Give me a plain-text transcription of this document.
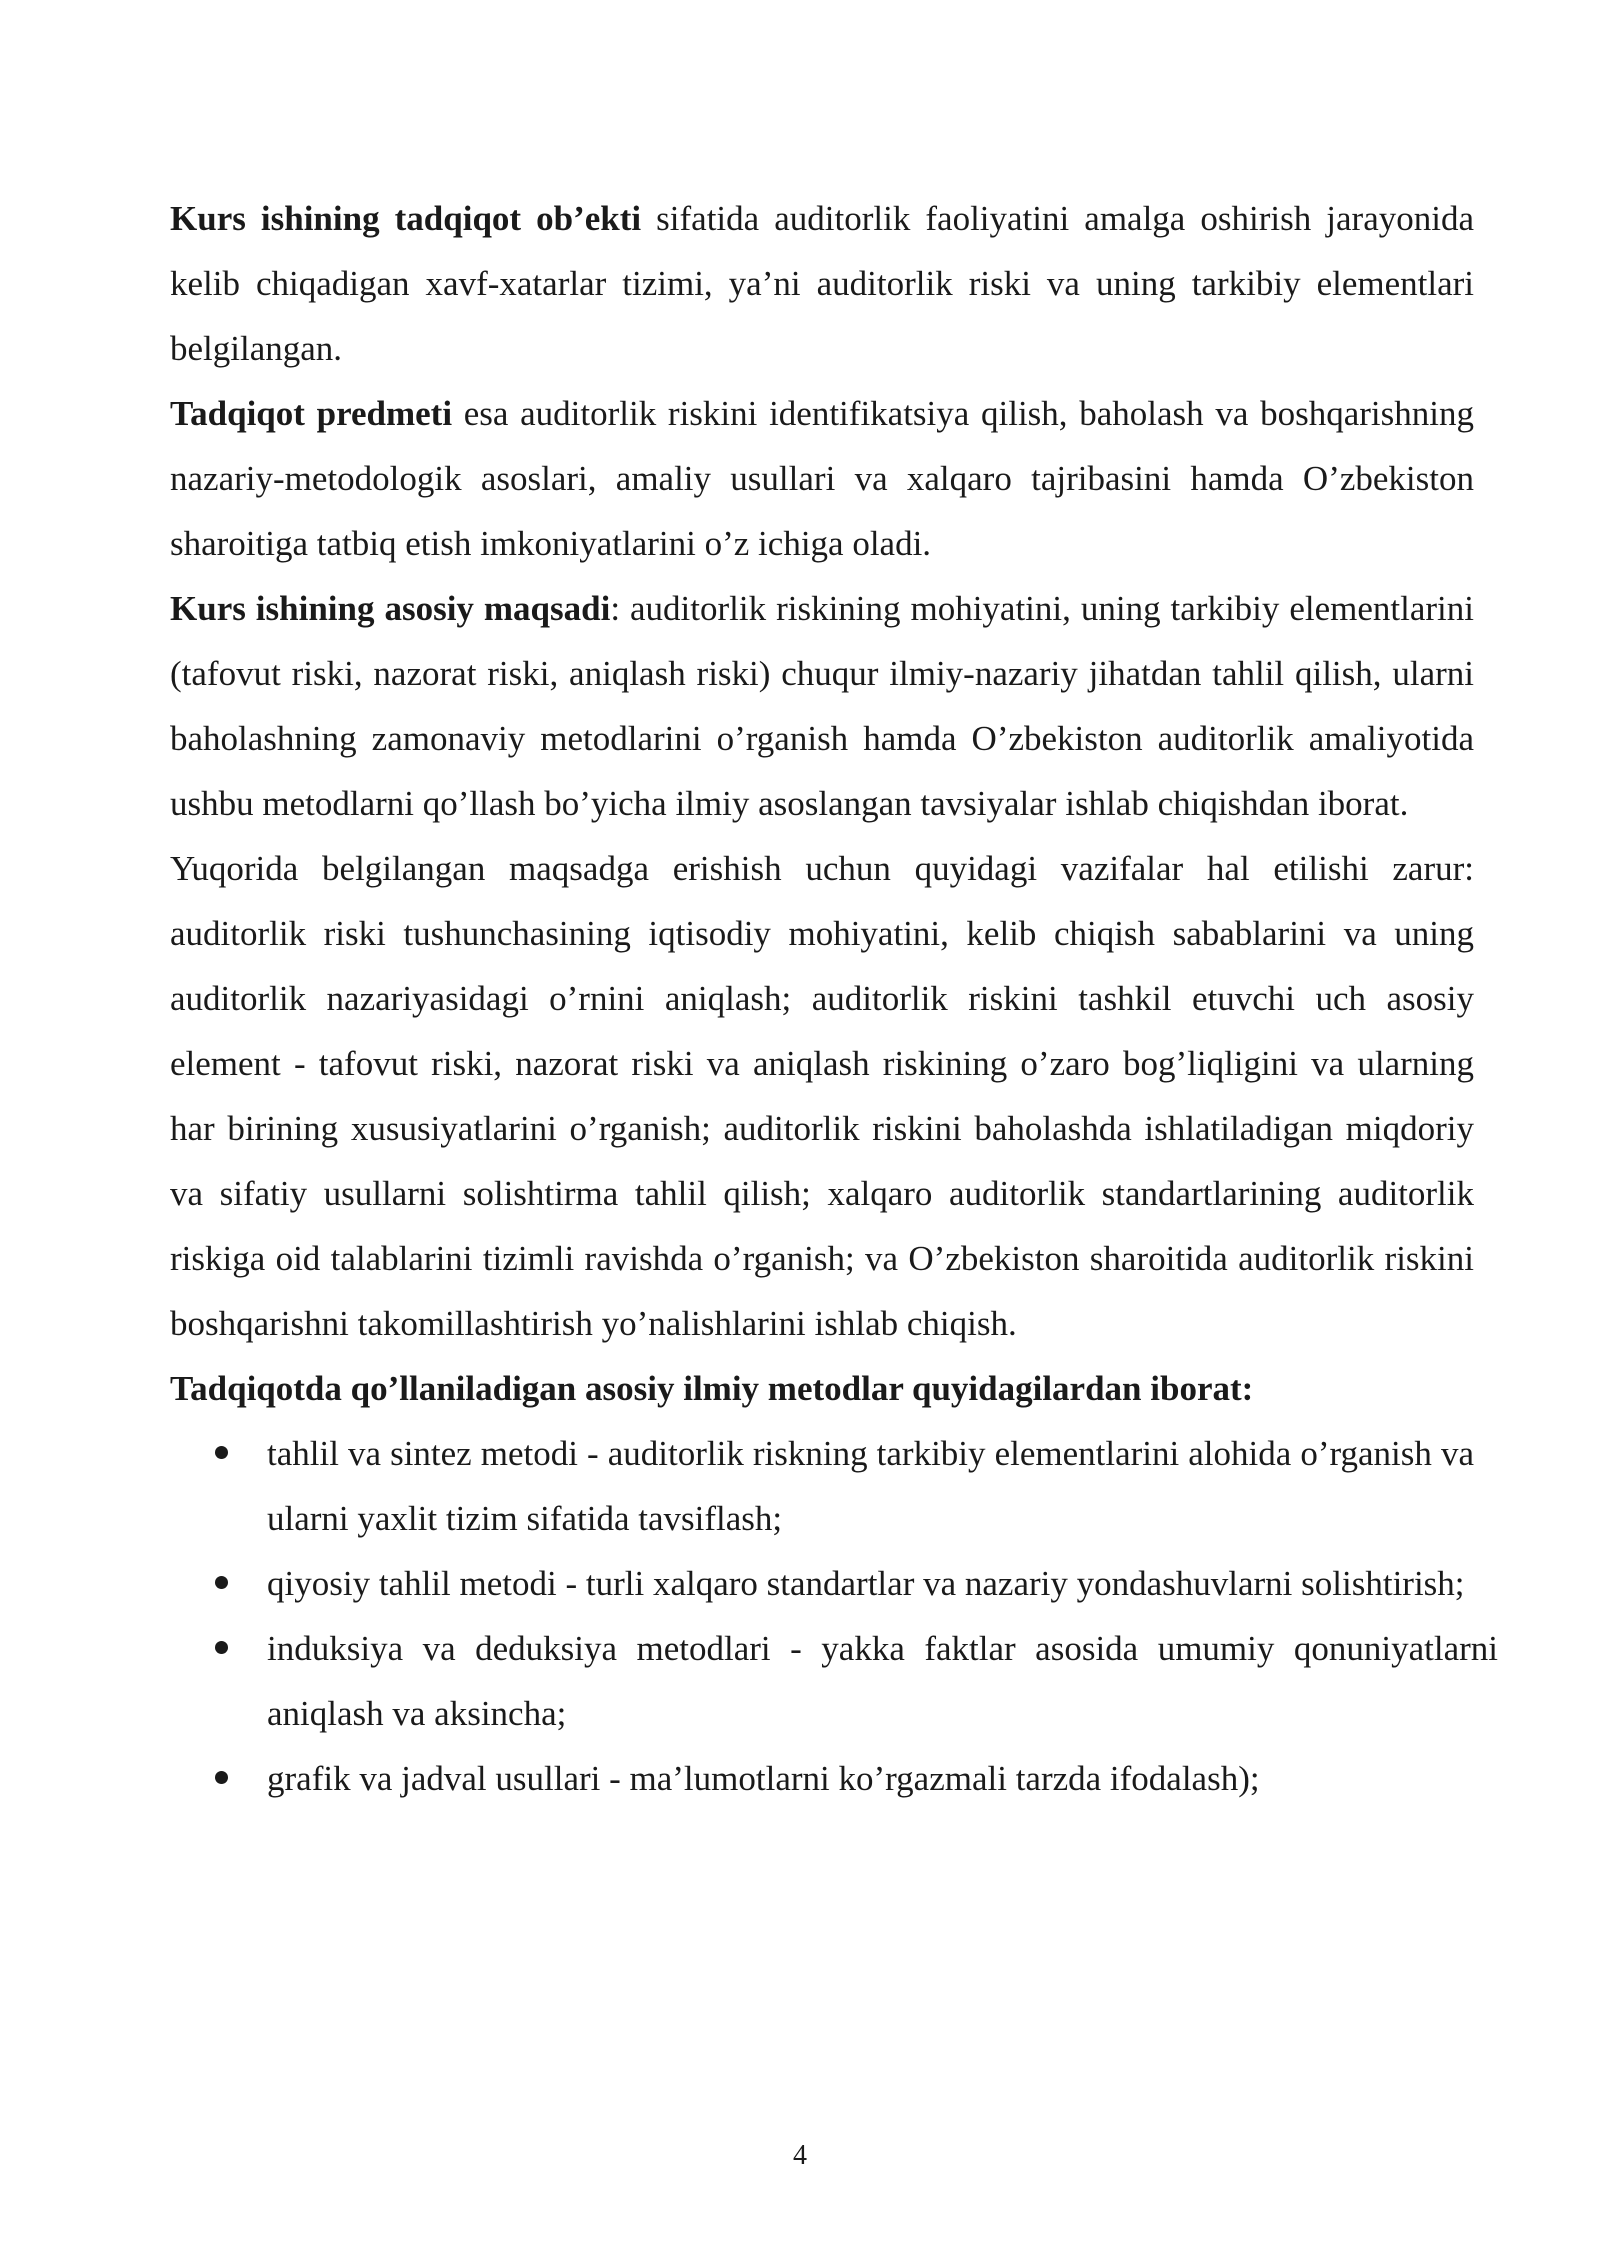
Kurs ishining tadqiqot ob’ekti sifatida auditorlik faoliyatini amalga oshirish jarayonida kelib chiqadigan xavf-xatarlar tizimi, ya’ni auditorlik riski va uning tarkibiy elementlari belgilangan.

Tadqiqot predmeti esa auditorlik riskini identifikatsiya qilish, baholash va boshqarishning nazariy-metodologik asoslari, amaliy usullari va xalqaro tajribasini hamda O’zbekiston sharoitiga tatbiq etish imkoniyatlarini o’z ichiga oladi.

Kurs ishining asosiy maqsadi: auditorlik riskining mohiyatini, uning tarkibiy elementlarini (tafovut riski, nazorat riski, aniqlash riski) chuqur ilmiy-nazariy jihatdan tahlil qilish, ularni baholashning zamonaviy metodlarini o’rganish hamda O’zbekiston auditorlik amaliyotida ushbu metodlarni qo’llash bo’yicha ilmiy asoslangan tavsiyalar ishlab chiqishdan iborat.

Yuqorida belgilangan maqsadga erishish uchun quyidagi vazifalar hal etilishi zarur: auditorlik riski tushunchasining iqtisodiy mohiyatini, kelib chiqish sabablarini va uning auditorlik nazariyasidagi o’rnini aniqlash; auditorlik riskini tashkil etuvchi uch asosiy element - tafovut riski, nazorat riski va aniqlash riskining o’zaro bog’liqligini va ularning har birining xususiyatlarini o’rganish; auditorlik riskini baholashda ishlatiladigan miqdoriy va sifatiy usullarni solishtirma tahlil qilish; xalqaro auditorlik standartlarining auditorlik riskiga oid talablarini tizimli ravishda o’rganish; va O’zbekiston sharoitida auditorlik riskini boshqarishni takomillashtirish yo’nalishlarini ishlab chiqish.

Tadqiqotda qo’llaniladigan asosiy ilmiy metodlar quyidagilardan iborat:

tahlil va sintez metodi - auditorlik riskning tarkibiy elementlarini alohida o’rganish va ularni yaxlit tizim sifatida tavsiflash;
qiyosiy tahlil metodi - turli xalqaro standartlar va nazariy yondashuvlarni solishtirish;
induksiya va deduksiya metodlari - yakka faktlar asosida umumiy qonuniyatlarni aniqlash va aksincha;
grafik va jadval usullari - ma’lumotlarni ko’rgazmali tarzda ifodalash);
4
